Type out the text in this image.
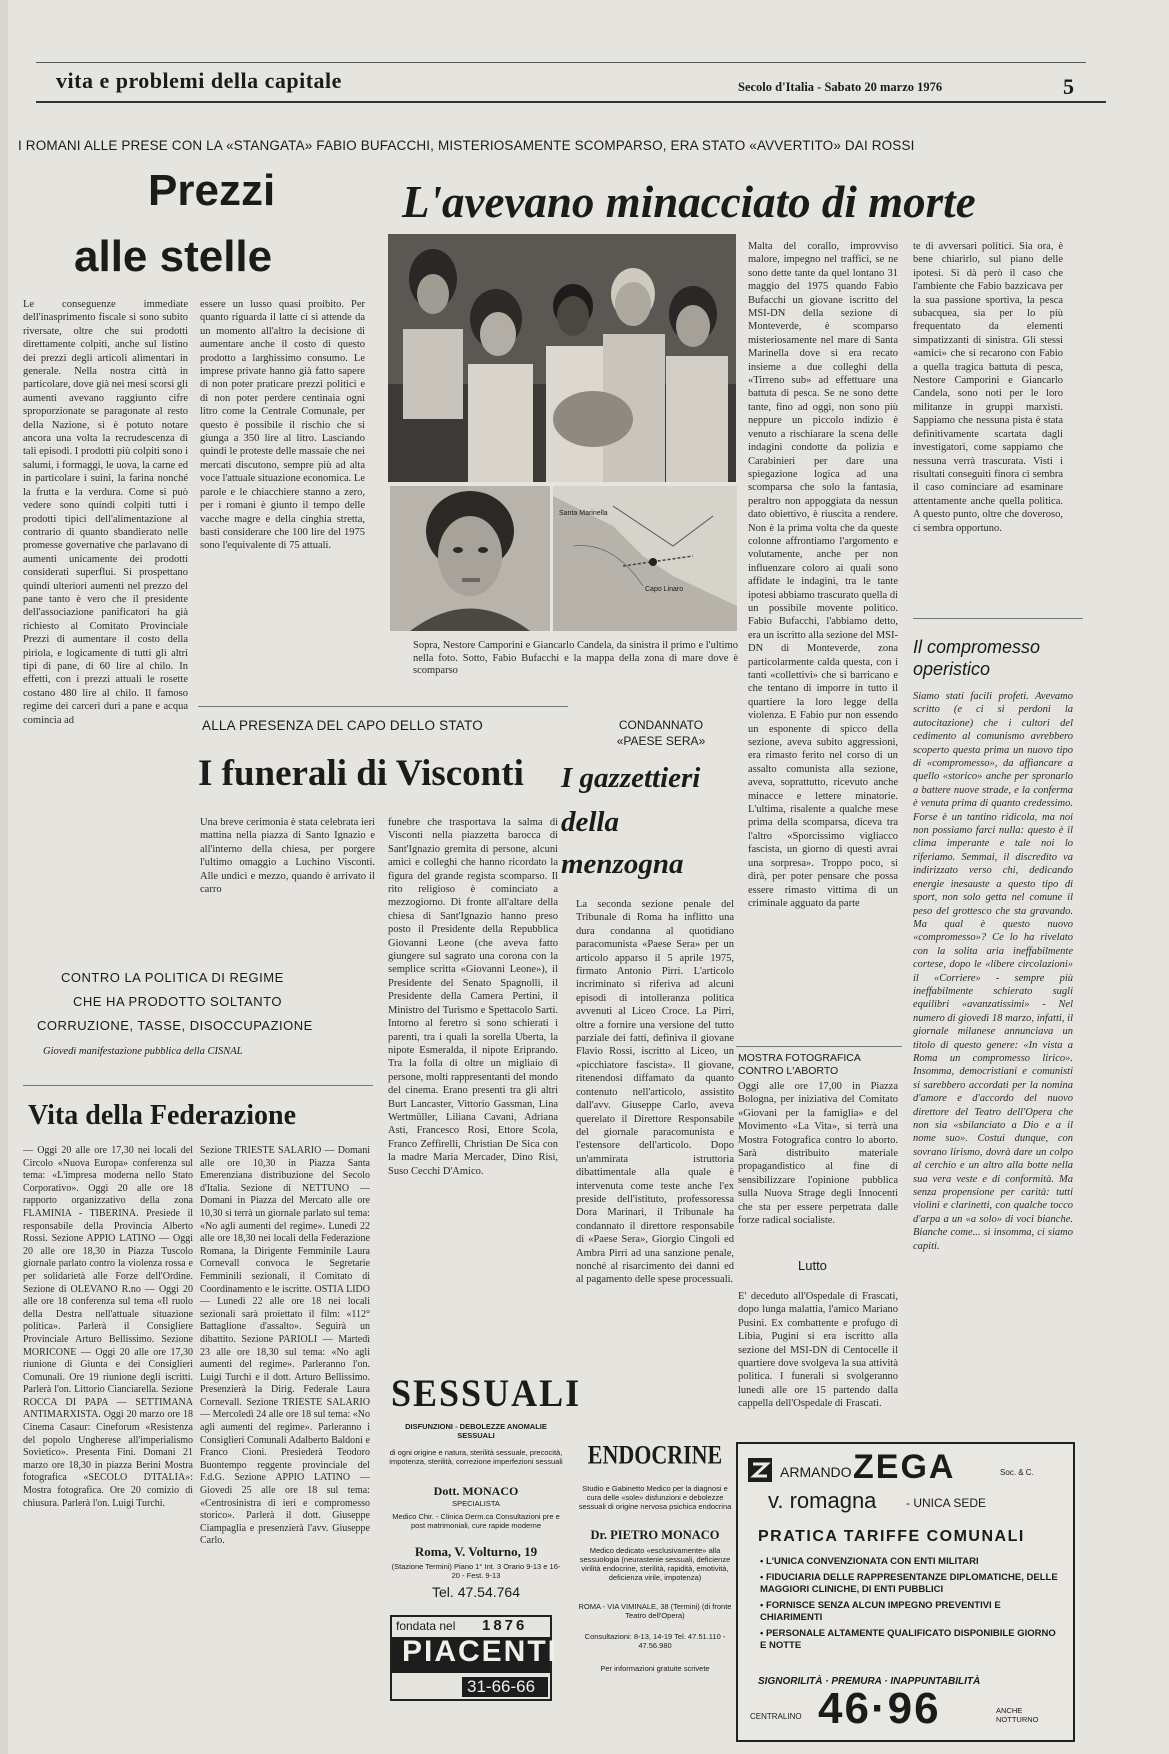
vita e problemi della capitale	Secolo d'Italia - Sabato 20 marzo 1976	5
I ROMANI ALLE PRESE CON LA «STANGATA» FABIO BUFACCHI, MISTERIOSAMENTE SCOMPARSO, ERA STATO «AVVERTITO» DAI ROSSI
Prezzi
alle stelle
Le conseguenze immediate dell'inasprimento fiscale si sono subito riversate, oltre che sui prodotti direttamente colpiti, anche sul listino dei prezzi degli articoli alimentari in generale. Nella nostra città in particolare, dove già nei mesi scorsi gli aumenti avevano raggiunto cifre sproporzionate se paragonate al resto della Nazione, si è potuto notare ancora una volta la recrudescenza di tali episodi. I prodotti più colpiti sono i salumi, i formaggi, le uova, la carne ed in particolare i suini, la farina nonché la frutta e la verdura. Come si può vedere sono quindi colpiti tutti i prodotti tipici dell'alimentazione al contrario di quanto sbandierato nelle promesse governative che parlavano di aumenti unicamente dei prodotti considerati superflui. Si prospettano quindi ulteriori aumenti nel prezzo del pane tanto è vero che il presidente dell'associazione panificatori ha già richiesto al Comitato Provinciale Prezzi di aumentare il costo della piriola, e logicamente di tutti gli altri tipi di pane, di 60 lire al chilo. In effetti, con i prezzi attuali le rosette costano 480 lire al chilo. Il famoso regime dei carceri duri a pane e acqua comincia ad
essere un lusso quasi proibito. Per quanto riguarda il latte ci si attende da un momento all'altro la decisione di aumentare anche il costo di questo prodotto a larghissimo consumo. Le imprese private hanno già fatto sapere di non poter praticare prezzi politici e di non poter perdere centinaia ogni litro come la Centrale Comunale, per questo è possibile il rischio che si giunga a 350 lire al litro. Lasciando quindi le proteste delle massaie che nei mercati discutono, sempre più ad alta voce l'attuale situazione economica. Le parole e le chiacchiere stanno a zero, per i romani è giunto il tempo delle vacche magre e della cinghia stretta, basti considerare che 100 lire del 1975 sono l'equivalente di 75 attuali.
L'avevano minacciato di morte
Santa Marinella
Capo Linaro
Sopra, Nestore Camporini e Giancarlo Candela, da sinistra il primo e l'ultimo nella foto. Sotto, Fabio Bufacchi e la mappa della zona di mare dove è scomparso
Malta del corallo, improvviso malore, impegno nel traffici, se ne sono dette tante da quel lontano 31 maggio del 1975 quando Fabio Bufacchi un giovane iscritto del MSI-DN della sezione di Monteverde, è scomparso misteriosamente nel mare di Santa Marinella dove si era recato insieme a due colleghi della «Tirreno sub» ad effettuare una battuta di pesca. Se ne sono dette tante, fino ad oggi, non sono più neppure un piccolo indizio è venuto a rischiarare la scena delle indagini condotte da polizia e Carabinieri per dare una spiegazione logica ad una scomparsa che solo la fantasia, peraltro non appoggiata da nessun dato obiettivo, è riuscita a rendere. Non è la prima volta che da queste colonne affrontiamo l'argomento e volutamente, anche per non influenzare coloro ai quali sono affidate le indagini, tra le tante ipotesi abbiamo trascurato quella di un possibile movente politico. Fabio Bufacchi, l'abbiamo detto, era un iscritto alla sezione del MSI-DN di Monteverde, zona particolarmente calda questa, con i tanti «collettivi» che si barricano e che tentano di imporre in tutto il quartiere la loro legge della violenza. E Fabio pur non essendo un esponente di spicco della sezione, aveva subito aggressioni, era rimasto ferito nel corso di un assalto comunista alla sezione, aveva, soprattutto, ricevuto anche minacce e lettere minatorie. L'ultima, risalente a qualche mese prima della scomparsa, diceva tra l'altro «Sporcissimo vigliacco fascista, un giorno di questi avrai una sorpresa». Troppo poco, si dirà, per poter pensare che possa essere rimasto vittima di un criminale agguato da parte
te di avversari politici. Sia ora, è bene chiarirlo, sul piano delle ipotesi. Si dà però il caso che l'ambiente che Fabio bazzicava per la sua passione sportiva, la pesca subacquea, sia per lo più frequentato da elementi simpatizzanti di sinistra. Gli stessi «amici» che si recarono con Fabio a quella tragica battuta di pesca, Nestore Camporini e Giancarlo Candela, sono noti per le loro militanze in gruppi marxisti. Sappiamo che nessuna pista è stata definitivamente scartata dagli investigatori, come sappiamo che nessuna verrà trascurata. Visti i risultati conseguiti finora ci sembra il caso cominciare ad esaminare attentamente anche quella politica. A questo punto, oltre che doveroso, ci sembra opportuno.
Il compromesso operistico
Siamo stati facili profeti. Avevamo scritto (e ci si perdoni la autocitazione) che i cultori del cedimento al comunismo avrebbero scoperto questa prima un nuovo tipo di «compromesso», da affiancare a quello «storico» anche per spronarlo a battere nuove strade, e la conferma è venuta prima di quanto credessimo. Forse è un tantino ridicola, ma noi non possiamo farci nulla: questo è il clima imperante e tale noi lo riferiamo. Semmai, il discredito va indirizzato verso chi, dedicando energie inesauste a questo tipo di sport, non solo getta nel comune il peso del grottesco che sta gravando. Ma qual è questo nuovo «compromesso»? Ce lo ha rivelato con la solita aria ineffabilmente cortese, dopo le «libere circolazioni» il «Corriere» - sempre più ineffabilmente schierato sugli equilibri «avanzatissimi» - Nel numero di giovedì 18 marzo, infatti, il giornale milanese annunciava un titolo di questo genere: «In vista a Roma un compromesso lirico». Insomma, democristiani e comunisti si sarebbero accordati per la nomina d'amore e d'accordo del nuovo direttore del Teatro dell'Opera che non sia «sbilanciato a Dio e a il nome suo». Costui dunque, con sovrano lirismo, dovrà dare un colpo al cerchio e un altro alla botte nella sua vera veste e di conformità. Ma senza propensione per carità: tutti violini e clarinetti, con qualche tocco d'arpa a un «a solo» di voci bianche. Bianche come... sì insomma, ci siamo capiti.
ALLA PRESENZA DEL CAPO DELLO STATO
I funerali di Visconti
Una breve cerimonia è stata celebrata ieri mattina nella piazza di Santo Ignazio e all'interno della chiesa, per porgere l'ultimo omaggio a Luchino Visconti. Alle undici e mezzo, quando è arrivato il carro
funebre che trasportava la salma di Visconti nella piazzetta barocca di Sant'Ignazio gremita di persone, alcuni amici e colleghi che hanno ricordato la figura del grande regista scomparso. Il rito religioso è cominciato a mezzogiorno. Di fronte all'altare della chiesa di Sant'Ignazio hanno preso posto il Presidente della Repubblica Giovanni Leone (che aveva fatto giungere sul sagrato una corona con la semplice scritta «Giovanni Leone»), il Presidente del Senato Spagnolli, il Presidente della Camera Pertini, il Ministro del Turismo e Spettacolo Sarti. Intorno al feretro si sono schierati i parenti, tra i quali la sorella Uberta, la nipote Esmeralda, il nipote Eriprando. Tra la folla di oltre un migliaio di persone, molti rappresentanti del mondo del cinema. Erano presenti tra gli altri Burt Lancaster, Vittorio Gassman, Lina Wertmüller, Liliana Cavani, Adriana Asti, Francesco Rosi, Ettore Scola, Franco Zeffirelli, Christian De Sica con la madre Maria Mercader, Dino Risi, Suso Cecchi D'Amico.
CONDANNATO
«PAESE SERA»
I gazzettieri
della
menzogna
La seconda sezione penale del Tribunale di Roma ha inflitto una dura condanna al quotidiano paracomunista «Paese Sera» per un articolo apparso il 5 aprile 1975, firmato Antonio Pirri. L'articolo incriminato si riferiva ad alcuni episodi di intolleranza politica avvenuti al Liceo Croce. La Pirri, oltre a fornire una versione del tutto parziale dei fatti, definiva il giovane Flavio Rossi, iscritto al Liceo, un «picchiatore fascista». Il giovane, ritenendosi diffamato da quanto contenuto nell'articolo, assistito dall'avv. Giuseppe Carlo, aveva querelato il Direttore Responsabile del giornale paracomunista e l'estensore dell'articolo. Dopo un'ammirata istruttoria dibattimentale alla quale è intervenuta come teste anche l'ex preside dell'istituto, professoressa Dora Marinari, il Tribunale ha condannato il direttore responsabile di «Paese Sera», Giorgio Cingoli ed Ambra Pirri ad una sanzione penale, nonché al risarcimento dei danni ed al pagamento delle spese processuali.
MOSTRA FOTOGRAFICA
CONTRO L'ABORTO
Oggi alle ore 17,00 in Piazza Bologna, per iniziativa del Comitato «Giovani per la famiglia» e del Movimento «La Vita», si terrà una Mostra Fotografica contro lo aborto. Sarà distribuito materiale propagandistico al fine di sensibilizzare l'opinione pubblica sulla Nuova Strage degli Innocenti che sta per essere perpetrata dalle forze radical socialiste.
Lutto
E' deceduto all'Ospedale di Frascati, dopo lunga malattia, l'amico Mariano Pusini. Ex combattente e profugo di Libia, Pugini si era iscritto alla sezione del MSI-DN di Centocelle il quartiere dove svolgeva la sua attività politica. I funerali si svolgeranno lunedì alle ore 15 partendo dalla cappella dell'Ospedale di Frascati.
CONTRO LA POLITICA DI REGIME
CHE HA PRODOTTO SOLTANTO
CORRUZIONE, TASSE, DISOCCUPAZIONE
Giovedì manifestazione pubblica della CISNAL
Vita della Federazione
— Oggi 20 alle ore 17,30 nei locali del Circolo «Nuova Europa» conferenza sul tema: «L'impresa moderna nello Stato Corporativo». Oggi 20 alle ore 18 rapporto organizzativo della zona FLAMINIA - TIBERINA. Presiede il responsabile della Provincia Alberto Rossi. Sezione APPIO LATINO — Oggi 20 alle ore 18,30 in Piazza Tuscolo giornale parlato contro la violenza rossa e per solidarietà alle Forze dell'Ordine. Sezione di OLEVANO R.no — Oggi 20 alle ore 18 conferenza sul tema «Il ruolo della Destra nell'attuale situazione politica». Parlerà il Consigliere Provinciale Arturo Bellissimo. Sezione MORICONE — Oggi 20 alle ore 17,30 riunione di Giunta e dei Consiglieri Comunali. Ore 19 riunione degli iscritti. Parlerà l'on. Littorio Cianciarella. Sezione ROCCA DI PAPA — SETTIMANA ANTIMARXISTA. Oggi 20 marzo ore 18 Cinema Casaur: Cineforum «Resistenza del popolo Ungherese all'imperialismo Sovietico». Presenta Fini. Domani 21 marzo ore 18,30 in piazza Berini Mostra fotografica «SECOLO D'ITALIA»: Mostra fotografica. Ore 20 comizio di chiusura. Parlerà l'on. Luigi Turchi.
Sezione TRIESTE SALARIO — Domani alle ore 10,30 in Piazza Santa Emerenziana distribuzione del Secolo d'Italia. Sezione di NETTUNO — Domani in Piazza del Mercato alle ore 10,30 si terrà un giornale parlato sul tema: «No agli aumenti del regime». Lunedì 22 alle ore 18,30 nei locali della Federazione Romana, la Dirigente Femminile Laura Cornevall convoca le Segretarie Femminili sezionali, il Comitato di Coordinamento e le iscritte. OSTIA LIDO — Lunedì 22 alle ore 18 nei locali sezionali sarà proiettato il film: «112° Battaglione d'assalto». Seguirà un dibattito. Sezione PARIOLI — Martedì 23 alle ore 18,30 sul tema: «No agli aumenti del regime». Parleranno l'on. Luigi Turchi e il dott. Arturo Bellissimo. Presenzierà la Dirig. Federale Laura Cornevall. Sezione TRIESTE SALARIO — Mercoledì 24 alle ore 18 sul tema: «No agli aumenti del regime». Parleranno i Consiglieri Comunali Adalberto Baldoni e Franco Cioni. Presiederà Teodoro Buontempo reggente provinciale del F.d.G. Sezione APPIO LATINO — Giovedì 25 alle ore 18 sul tema: «Centrosinistra di ieri e compromesso storico». Parlerà il dott. Giuseppe Ciampaglia e presenzierà l'avv. Giuseppe Carlo.
SESSUALI
DISFUNZIONI - DEBOLEZZE ANOMALIE SESSUALI
di ogni origine e natura, sterilità sessuale, precocità, impotenza, sterilità, correzione imperfezioni sessuali
Dott. MONACO
SPECIALISTA
Medico Chir. - Clinica Derm.ca Consultazioni pre e post matrimoniali, cure rapide moderne
Roma, V. Volturno, 19
(Stazione Termini) Piano 1° Int. 3 Orario 9-13 e 16-20 - Fest. 9-13
Tel. 47.54.764
fondata nel 1876
PIACENTI
31-66-66
ENDOCRINE
Studio e Gabinetto Medico per la diagnosi e cura delle «sole» disfunzioni e debolezze sessuali di origine nervosa psichica endocrina
Dr. PIETRO MONACO
Medico dedicato «esclusivamente» alla sessuologia (neurastenie sessuali, deficienze virilità endocrine, sterilità, rapidità, emotività, deficienza virile, impotenza)
ROMA - VIA VIMINALE, 38 (Termini) (di fronte Teatro dell'Opera)
Consultazioni: 8-13, 14-19 Tel. 47.51.110 - 47.56.980
Per informazioni gratuite scrivete
ARMANDO ZEGA	Soc. & C.
v. romagna - UNICA SEDE
PRATICA TARIFFE COMUNALI
• L'UNICA CONVENZIONATA CON ENTI MILITARI
• FIDUCIARIA DELLE RAPPRESENTANZE DIPLOMATICHE, DELLE MAGGIORI CLINICHE, DI ENTI PUBBLICI
• FORNISCE SENZA ALCUN IMPEGNO PREVENTIVI E CHIARIMENTI
• PERSONALE ALTAMENTE QUALIFICATO DISPONIBILE GIORNO E NOTTE
SIGNORILITÀ · PREMURA · INAPPUNTABILITÀ
CENTRALINO 46·96	ANCHE NOTTURNO
